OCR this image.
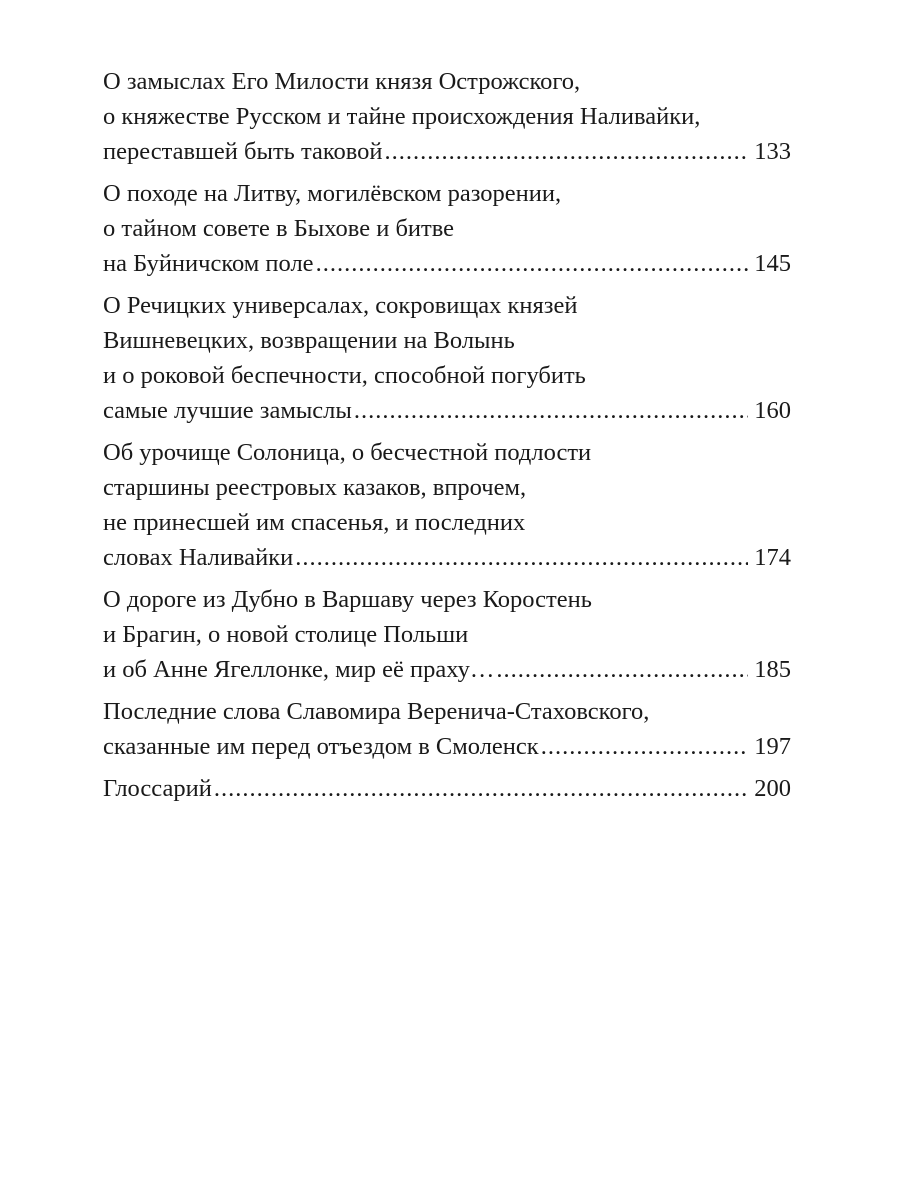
О замыслах Его Милости князя Острожского,
о княжестве Русском и тайне происхождения Наливайки,
переставшей быть таковой .....	133
О походе на Литву, могилёвском разорении,
о тайном совете в Быхове и битве
на Буйничском поле .....	145
О Речицких универсалах, сокровищах князей
Вишневецких, возвращении на Волынь
и о роковой беспечности, способной погубить
самые лучшие замыслы .....	160
Об урочище Солоница, о бесчестной подлости
старшины реестровых казаков, впрочем,
не принесшей им спасенья, и последних
словах Наливайки .....	174
О дороге из Дубно в Варшаву через Коростень
и Брагин, о новой столице Польши
и об Анне Ягеллонке, мир её праху… .....	185
Последние слова Славомира Веренича-Стаховского,
сказанные им перед отъездом в Смоленск .....	197
Глоссарий .....	200
